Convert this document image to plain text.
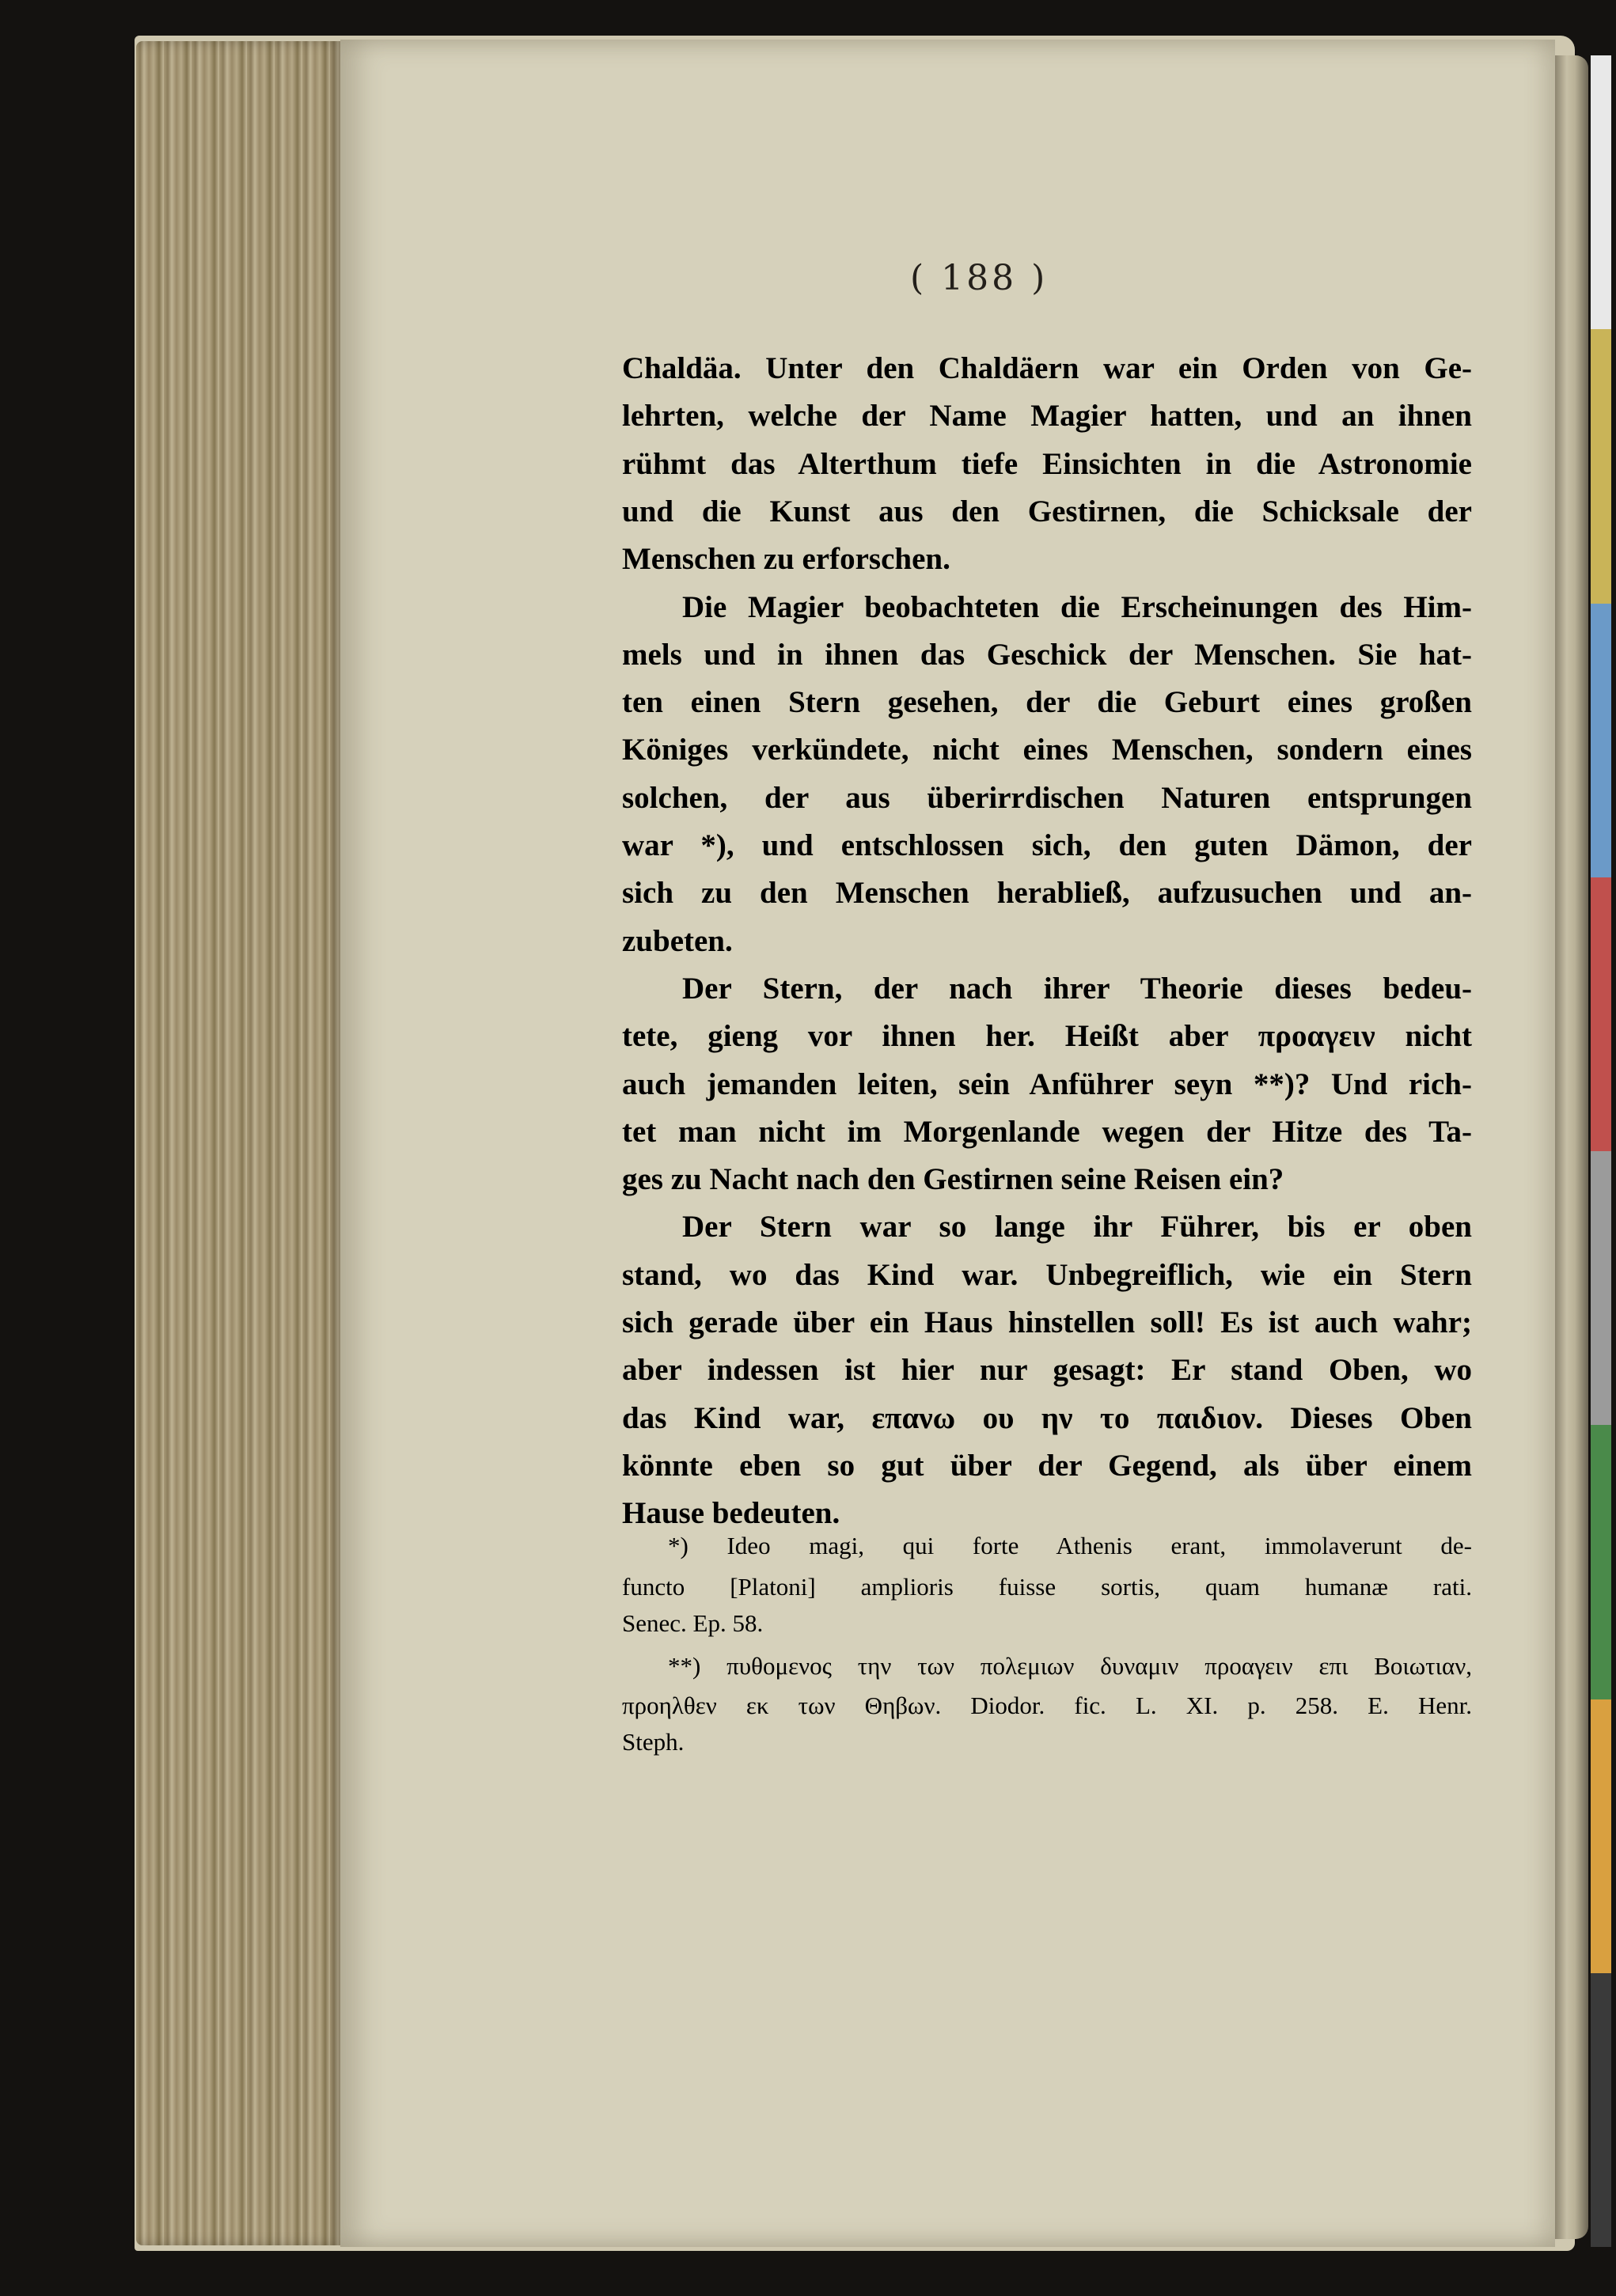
( 188 )
Chaldäa. Unter den Chaldäern war ein Orden von Ge-
lehrten, welche der Name Magier hatten, und an ihnen
rühmt das Alterthum tiefe Einsichten in die Astronomie
und die Kunst aus den Gestirnen, die Schicksale der
Menschen zu erforschen.
Die Magier beobachteten die Erscheinungen des Him-
mels und in ihnen das Geschick der Menschen. Sie hat-
ten einen Stern gesehen, der die Geburt eines großen
Königes verkündete, nicht eines Menschen, sondern eines
solchen, der aus überirrdischen Naturen entsprungen
war *), und entschlossen sich, den guten Dämon, der
sich zu den Menschen herabließ, aufzusuchen und an-
zubeten.
Der Stern, der nach ihrer Theorie dieses bedeu-
tete, gieng vor ihnen her. Heißt aber προαγειν nicht
auch jemanden leiten, sein Anführer seyn **)? Und rich-
tet man nicht im Morgenlande wegen der Hitze des Ta-
ges zu Nacht nach den Gestirnen seine Reisen ein?
Der Stern war so lange ihr Führer, bis er oben
stand, wo das Kind war. Unbegreiflich, wie ein Stern
sich gerade über ein Haus hinstellen soll! Es ist auch wahr;
aber indessen ist hier nur gesagt: Er stand Oben, wo
das Kind war, επανω ου ην το παιδιον. Dieses Oben
könnte eben so gut über der Gegend, als über einem
Hause bedeuten.
*) Ideo magi, qui forte Athenis erant, immolaverunt de-
functo [Platoni] amplioris fuisse sortis, quam humanæ rati.
Senec. Ep. 58.
**) πυθομενος την των πολεμιων δυναμιν προαγειν επι Βοιωτιαν,
προηλθεν εκ των Θηβων. Diodor. fic. L. XI. p. 258. E. Henr.
Steph.
